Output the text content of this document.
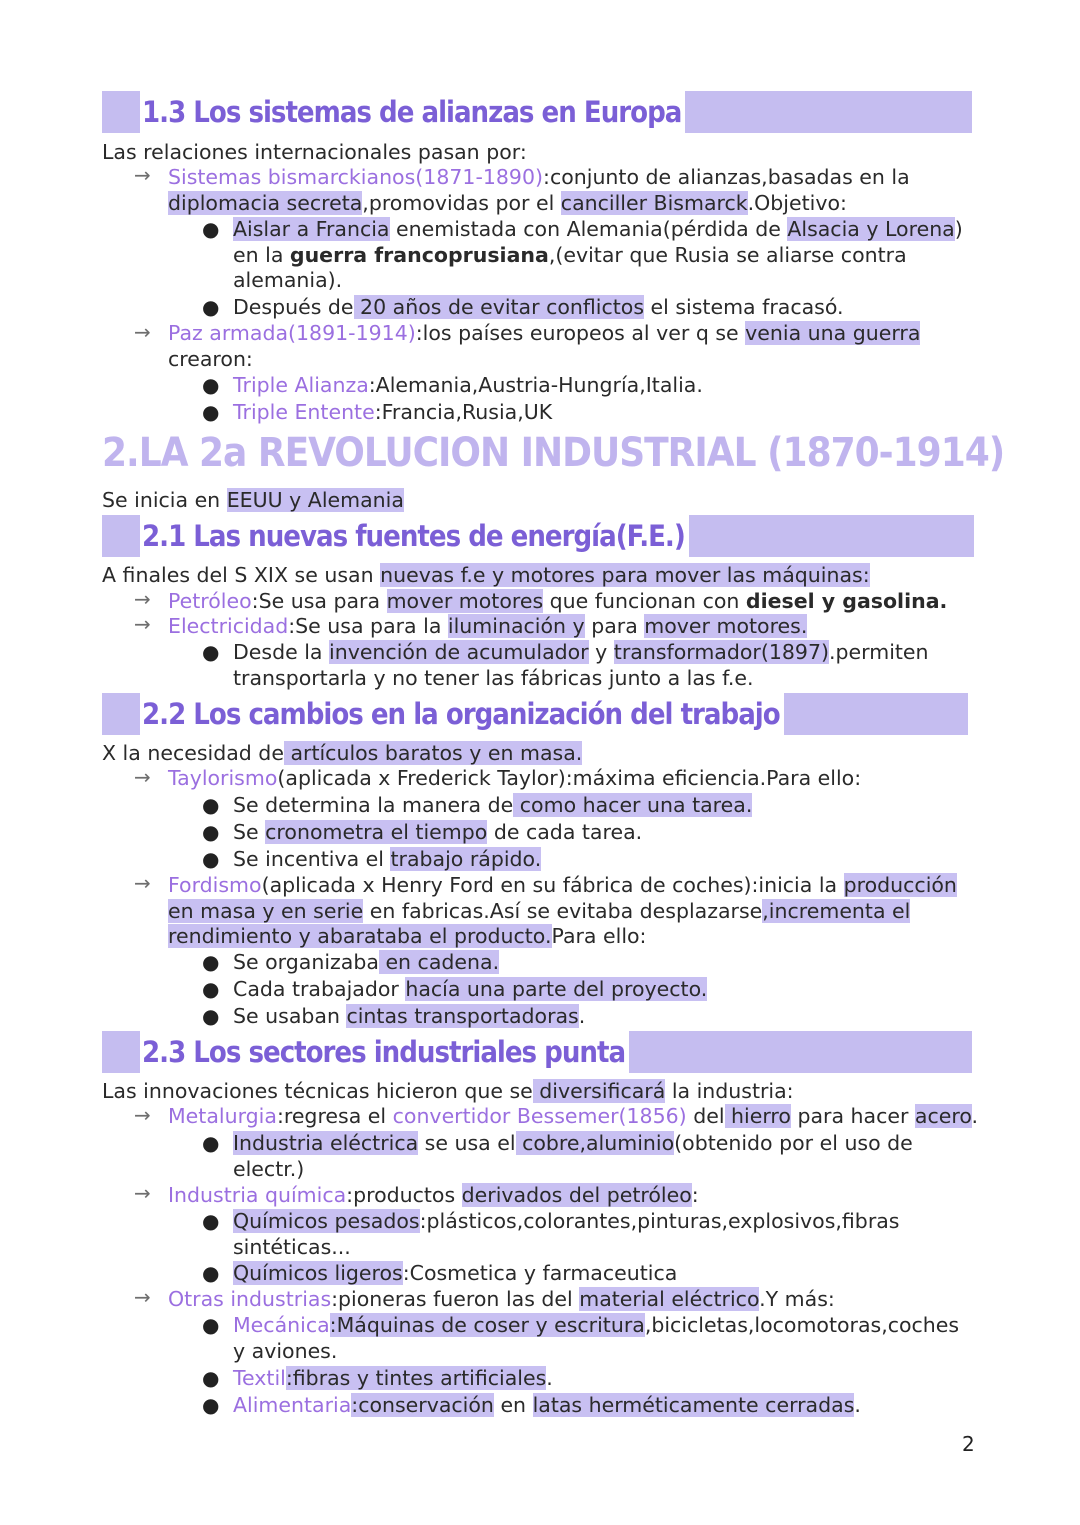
1.3 Los sistemas de alianzas en Europa
Las relaciones internacionales pasan por:
→ Sistemas bismarckianos(1871-1890):conjunto de alianzas,basadas en la
diplomacia secreta,promovidas por el canciller Bismarck.Objetivo:
● Aislar a Francia enemistada con Alemania(pérdida de Alsacia y Lorena)
en la guerra francoprusiana,(evitar que Rusia se aliarse contra
alemania).
● Después de 20 años de evitar conflictos el sistema fracasó.
→ Paz armada(1891-1914):los países europeos al ver q se venia una guerra
crearon:
● Triple Alianza:Alemania,Austria-Hungría,Italia.
● Triple Entente:Francia,Rusia,UK
2.LA 2a REVOLUCION INDUSTRIAL (1870-1914)
Se inicia en EEUU y Alemania
2.1 Las nuevas fuentes de energía(F.E.)
A finales del S XIX se usan nuevas f.e y motores para mover las máquinas:
→ Petróleo:Se usa para mover motores que funcionan con diesel y gasolina.
→ Electricidad:Se usa para la iluminación y para mover motores.
● Desde la invención de acumulador y transformador(1897).permiten
transportarla y no tener las fábricas junto a las f.e.
2.2 Los cambios en la organización del trabajo
X la necesidad de artículos baratos y en masa.
→ Taylorismo(aplicada x Frederick Taylor):máxima eficiencia.Para ello:
● Se determina la manera de como hacer una tarea.
● Se cronometra el tiempo de cada tarea.
● Se incentiva el trabajo rápido.
→ Fordismo(aplicada x Henry Ford en su fábrica de coches):inicia la producción
en masa y en serie en fabricas.Así se evitaba desplazarse,incrementa el
rendimiento y abarataba el producto.Para ello:
● Se organizaba en cadena.
● Cada trabajador hacía una parte del proyecto.
● Se usaban cintas transportadoras.
2.3 Los sectores industriales punta
Las innovaciones técnicas hicieron que se diversificará la industria:
→ Metalurgia:regresa el convertidor Bessemer(1856) del hierro para hacer acero.
● Industria eléctrica se usa el cobre,aluminio(obtenido por el uso de
electr.)
→ Industria química:productos derivados del petróleo:
● Químicos pesados:plásticos,colorantes,pinturas,explosivos,fibras
sintéticas...
● Químicos ligeros:Cosmetica y farmaceutica
→ Otras industrias:pioneras fueron las del material eléctrico.Y más:
● Mecánica:Máquinas de coser y escritura,bicicletas,locomotoras,coches
y aviones.
● Textil:fibras y tintes artificiales.
● Alimentaria:conservación en latas herméticamente cerradas.
2
